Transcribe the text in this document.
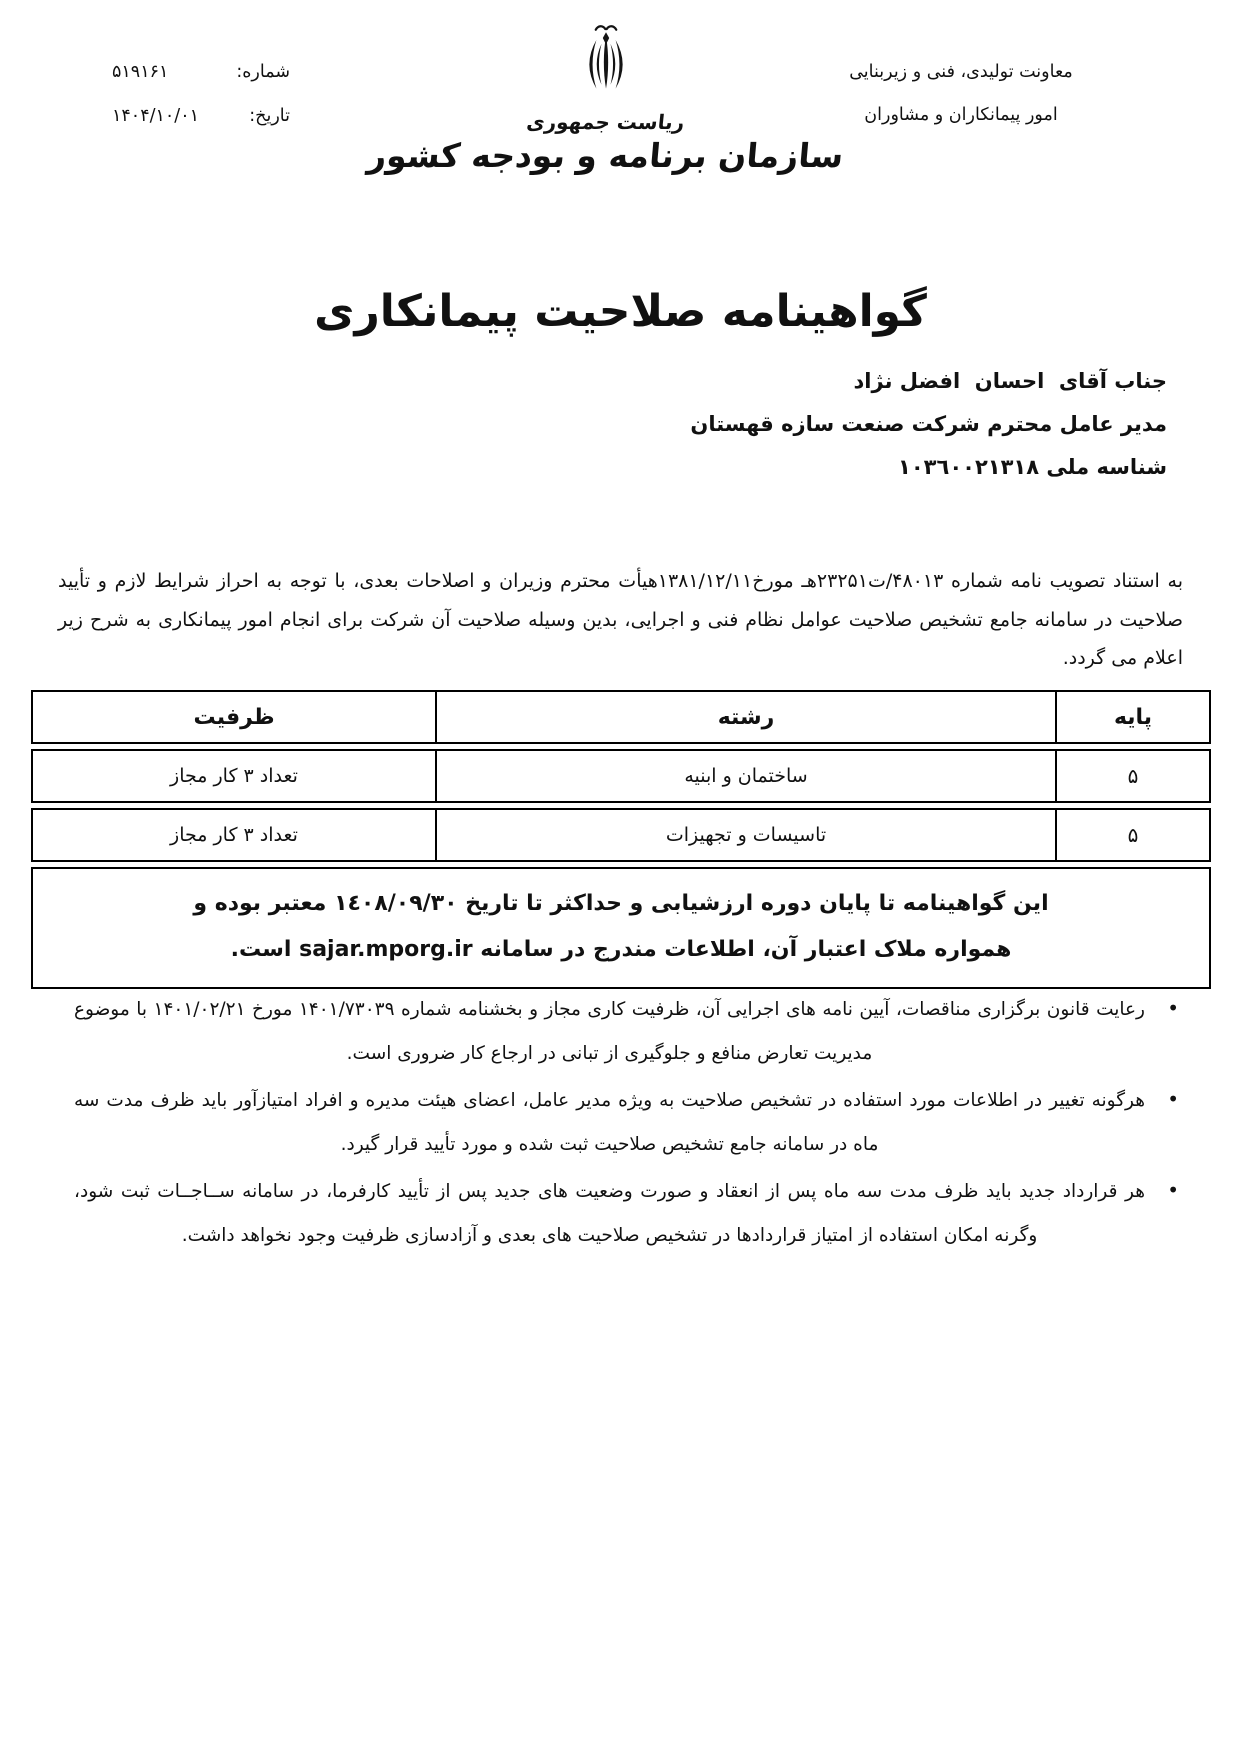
معاونت تولیدی، فنی و زیربنایی
امور پیمانکاران و مشاوران
ریاست جمهوری
سازمان برنامه و بودجه کشور
شماره:
۵۱۹۱۶۱
تاریخ:
۱۴۰۴/۱۰/۰۱
گواهینامه صلاحیت پیمانکاری
جناب آقای  احسان  افضل نژاد
مدیر عامل محترم شرکت صنعت سازه قهستان
شناسه ملی ۱۰۳٦۰۰۲۱۳۱۸

به استناد تصویب نامه شماره ۴۸۰۱۳/ت۲۳۲۵۱هـ مورخ۱۳۸۱/۱۲/۱۱هیأت محترم وزیران و اصلاحات بعدی، با توجه به احراز شرایط لازم و تأیید صلاحیت در سامانه جامع تشخیص صلاحیت عوامل نظام فنی و اجرایی، بدین وسیله صلاحیت آن شرکت برای انجام امور پیمانکاری به شرح زیر اعلام می گردد.

پایه
رشته
ظرفیت
۵
ساختمان و ابنیه
تعداد ۳ کار مجاز
۵
تاسیسات و تجهیزات
تعداد ۳ کار مجاز
این گواهینامه تا پایان دوره ارزشیابی و حداکثر تا تاریخ ۱٤۰۸/۰۹/۳۰ معتبر بوده و
همواره ملاک اعتبار آن، اطلاعات مندرج در سامانه sajar.mporg.ir است.
•

رعایت قانون برگزاری مناقصات، آیین نامه های اجرایی آن، ظرفیت کاری مجاز و بخشنامه شماره ۱۴۰۱/۷۳۰۳۹ مورخ ۱۴۰۱/۰۲/۲۱ با موضوع مدیریت تعارض منافع و جلوگیری از تبانی در ارجاع کار ضروری است.

•

هرگونه تغییر در اطلاعات مورد استفاده در تشخیص صلاحیت به ویژه مدیر عامل، اعضای هیئت مدیره و افراد امتیازآور باید ظرف مدت سه ماه در سامانه جامع تشخیص صلاحیت ثبت شده و مورد تأیید قرار گیرد.

•

هر قرارداد جدید باید ظرف مدت سه ماه پس از انعقاد و صورت وضعیت های جدید پس از تأیید کارفرما، در سامانه ســاجــات ثبت شود، وگرنه امکان استفاده از امتیاز قراردادها در تشخیص صلاحیت های بعدی و آزادسازی ظرفیت وجود نخواهد داشت.
